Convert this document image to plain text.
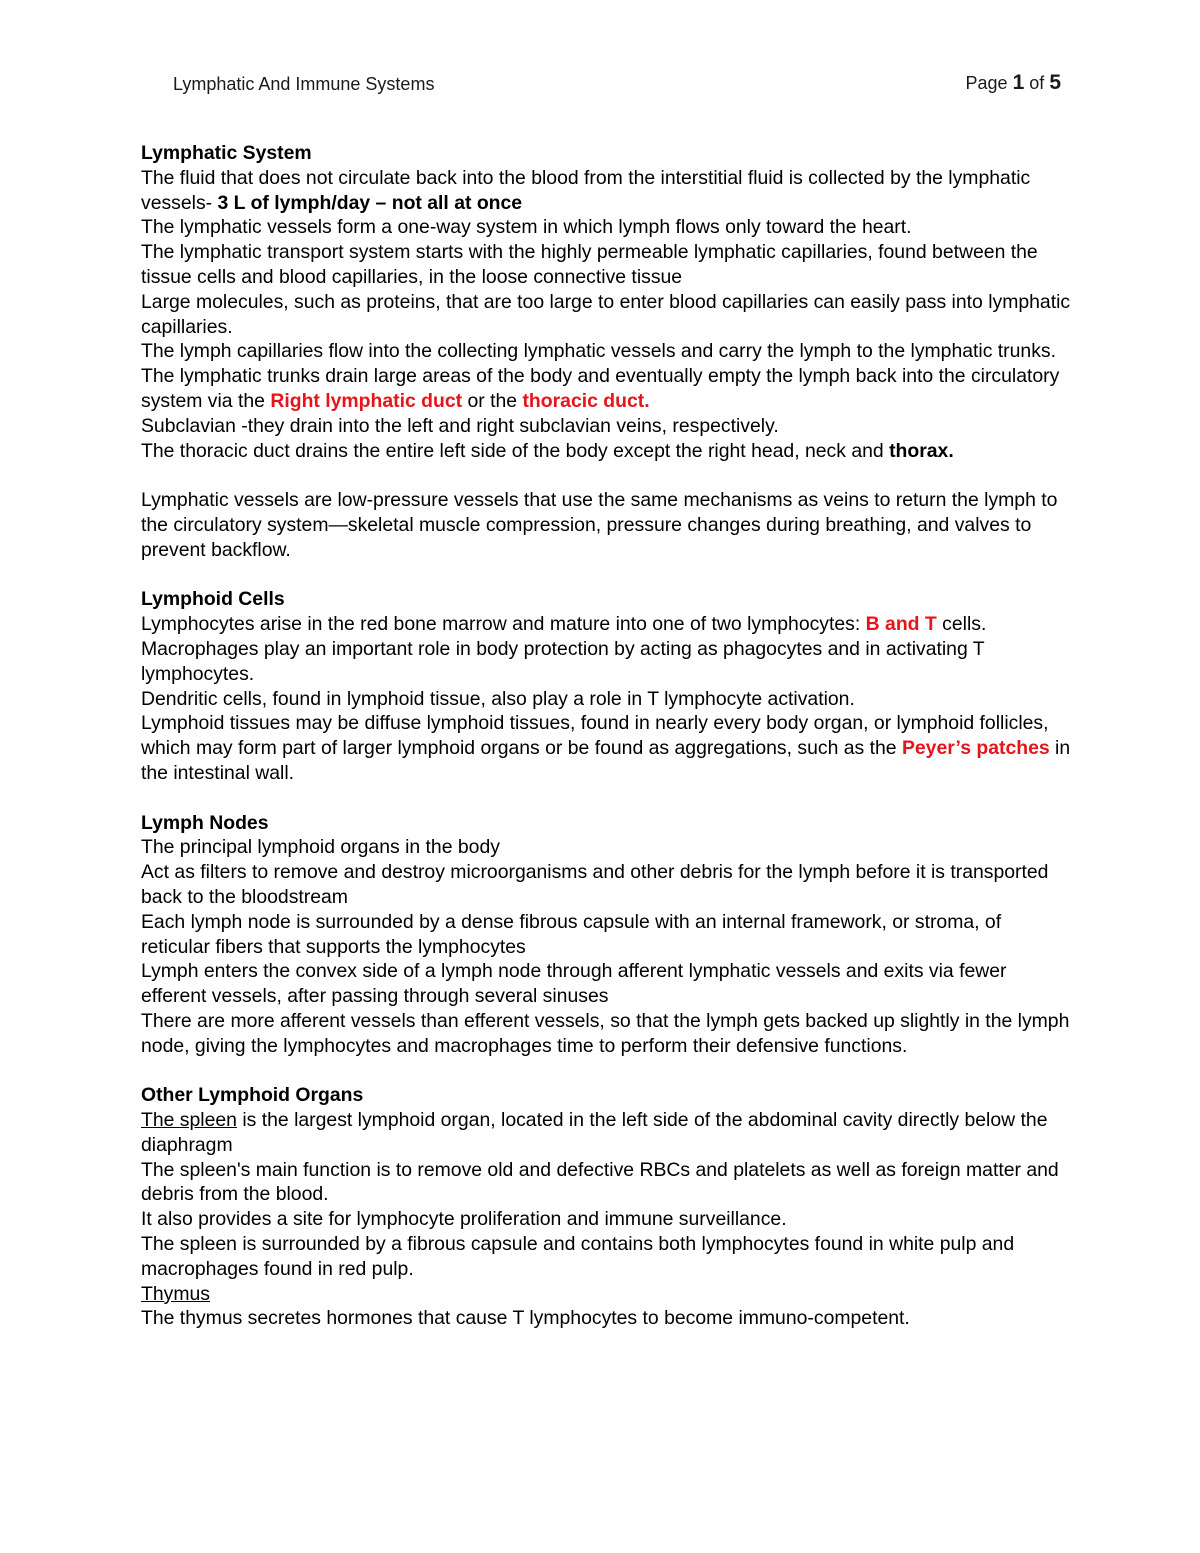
Lymphatic And Immune Systems	Page 1 of 5

Lymphatic System

The fluid that does not circulate back into the blood from the interstitial fluid is collected by the lymphatic vessels- 3 L of lymph/day – not all at once

The lymphatic vessels form a one-way system in which lymph flows only toward the heart.

The lymphatic transport system starts with the highly permeable lymphatic capillaries, found between the tissue cells and blood capillaries, in the loose connective tissue

Large molecules, such as proteins, that are too large to enter blood capillaries can easily pass into lymphatic capillaries.

The lymph capillaries flow into the collecting lymphatic vessels and carry the lymph to the lymphatic trunks.

The lymphatic trunks drain large areas of the body and eventually empty the lymph back into the circulatory system via the Right lymphatic duct or the thoracic duct.

Subclavian -they drain into the left and right subclavian veins, respectively.

The thoracic duct drains the entire left side of the body except the right head, neck and thorax.

Lymphatic vessels are low-pressure vessels that use the same mechanisms as veins to return the lymph to the circulatory system—skeletal muscle compression, pressure changes during breathing, and valves to prevent backflow.

Lymphoid Cells

Lymphocytes arise in the red bone marrow and mature into one of two lymphocytes: B and T cells.

Macrophages play an important role in body protection by acting as phagocytes and in activating T lymphocytes.

Dendritic cells, found in lymphoid tissue, also play a role in T lymphocyte activation.

Lymphoid tissues may be diffuse lymphoid tissues, found in nearly every body organ, or lymphoid follicles, which may form part of larger lymphoid organs or be found as aggregations, such as the Peyer’s patches in the intestinal wall.

Lymph Nodes

The principal lymphoid organs in the body

Act as filters to remove and destroy microorganisms and other debris for the lymph before it is transported back to the bloodstream

Each lymph node is surrounded by a dense fibrous capsule with an internal framework, or stroma, of reticular fibers that supports the lymphocytes

Lymph enters the convex side of a lymph node through afferent lymphatic vessels and exits via fewer efferent vessels, after passing through several sinuses

There are more afferent vessels than efferent vessels, so that the lymph gets backed up slightly in the lymph node, giving the lymphocytes and macrophages time to perform their defensive functions.

Other Lymphoid Organs

The spleen is the largest lymphoid organ, located in the left side of the abdominal cavity directly below the diaphragm

The spleen's main function is to remove old and defective RBCs and platelets as well as foreign matter and debris from the blood.

It also provides a site for lymphocyte proliferation and immune surveillance.

The spleen is surrounded by a fibrous capsule and contains both lymphocytes found in white pulp and macrophages found in red pulp.

Thymus

The thymus secretes hormones that cause T lymphocytes to become immuno-competent.
